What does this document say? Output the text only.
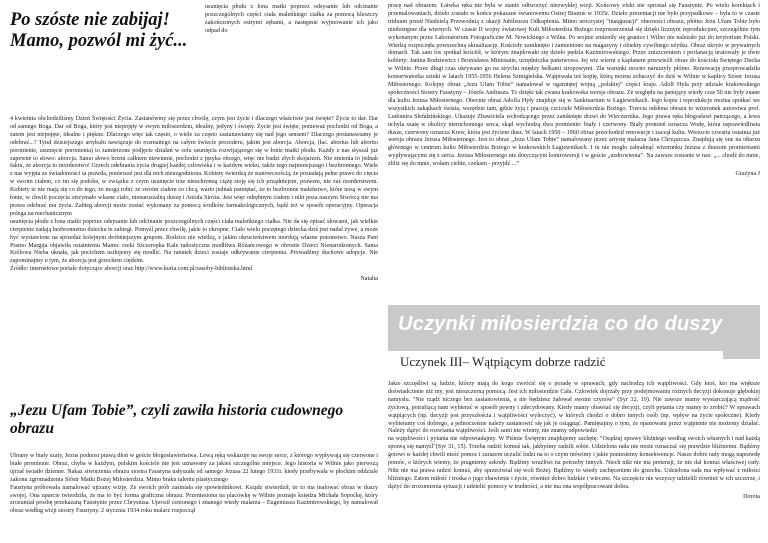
Po szóste nie zabijaj! Mamo, pozwól mi żyć...
usunięcia płodu z łona matki poprzez odsysanie lub odcinanie poszczególnych części ciała maleńkiego ciałka za pomocą kleszczy zakończonych ostrymi zębami, a następnie wyjmowanie ich jako odpad do

4 kwietnia obchodziliśmy Dzień Świętości Życia. Zastanówmy się przez chwilę, czym jest życie i dlaczego właściwie jest święte? Życie to dar. Dar od samego Boga. Dar od Boga, który jest niepojęty w swym miłosierdziu, idealny, jedyny i święty. Życie jest święte, ponieważ pochodzi od Boga, a zatem jest niepojęte, idealne i piękne. Dlaczego więc tak często, o wiele za często zastanawiamy się nad jego sensem? Dlaczego postanawiamy je odebrać...? Tytuł dzisiejszego artykułu nawiązuje do rozmaitego na całym świecie procederu, jakim jest aborcja. Aborcja, (łac. abortus lub abortio poronienie, usunięcie poronienia) to zamierzone podjęcie działań w celu usunięcia rozwijającego się w łonie matki płodu. Każdy z nas słyszał już zapewne to słowo: aborcja. Samo słowo brzmi całkiem niewinnie, pochodzi z języka obcego, więc nie budzi złych skojarzeń. Nie zmienia to jednak faktu, że aborcja to morderstwo! Grzech odebrania życia drugiej każdej człowieka i w każdym wieku, także tego najmniejszego i bezbronnego. Wiele z nas wyjęta ze świadomości ta prawda, ponieważ jest dla nich nieuzgodniona. Kobiety twierdzą że stanowczością, że posiadają pełne prawo do cięcia w swoim ciałem, co im się podoba, w związku z czym usunięcie trze nieuchronną ciążę stoję się ich prządniejem, prawem, nie zaś morderstwem. Kobiety te nie mają się co do tego, że mogą robić ze swoim ciałem co chcą, warto jednak pamiętać, że to bezbronne maleństwo, które nosą w swym łonie, w chwili poczęcia otrzymało własne ciało, nienaruszalną duszę i Anioła Stróża. Jest więc odrębnym ciałem i nikt poza naszym Stwórcą nie ma prawa odebrać mu życia. Zabieg aborcji może zostać wykonany za pomocą środków farmakologicznych, bądź też w sposób operacyjny. Operacja polega na mechanicznym

usunięcia płodu z łona matki poprzez odsysanie lub odcinanie poszczególnych części ciała maleńkiego ciałka. Nie da się opisać słowami, jak wielkie cierpienie zadają bezbronnemu dziecku te zabiegi. Pomyśl przez chwilę, jakie to okropne. Ciało wielu poczętego dziecka dziś jest nadal żywe, a może być wystawione na sprzedaż kolejnym drobniejszym grupom. Rodzice nie wiedzą, z jakim okrucieństwem mordują własne potomstwo. Nasza Pani Pramo Margija objawiła ostatniemu Mamu: rzeki Szczerepka Kale radostyczna modlitwa Różańcowego w obronie Dzieci Nienarodzonych. Sama Królowa Nieba uknała, jak pocichem usiłujemy się modlić. Na ratunek dzieci zostaje odkrywanie cierpienia. Prowadźmy duchowe adopcje. Nie zapominajmy o tym, że aborcja jest grzechem ciężkim.

Źródło: internetowe portale dotyczące aborcji oraz http://www.kuria.com.pl/zasoby-biblioteka.html

Natalia
„Jezu Ufam Tobie”, czyli zawiła historia cudownego obrazu

Ubrany w biały szaty, Jezus podnosi prawą dłoń w geście błogosławieństwa. Lewą ręką wskazuje na swoje serce, z którego wypływają się czerwone i białe promienie. Obraz, chyba w każdym, polskim kościele nie jest uznawany za jakieś szczególne miejsce. Jego historia w Wilnie jako pierwszą ujrzał światło dzienne. Nakaz stworzenia obrazu siostra Faustyna usłyszała od samego Jezusa 22 lutego 1931r. kiedy przebywała w płockim oddziale zakonu zgromadzenia Sióstr Matki Bożej Miłosierdzia. Mimo braku talentu plastycznego

Faustyna próbowała namalować ujrzany wizję. Ze swoich prób zaśmiała się spowiednikowi. Ksiądz stwierdził, że to ma malować obraz w duszy swojej. Ona uparcie twierdziła, że ma to być forma graficzna obrazu. Przeniesiona na placówkę w Wilnie poznaje księdza Michała Sopoćkę, który zrozumiał prośbę przekazaną Faustynie przez Chrystusa. Uprosił cenionego i znanego wtedy malarza – Eugeniusza Kazimirowskiego, by namalował obraz według wizji siostry Faustyny. 2 stycznia 1934 roku malarz rozpoczął

pracę nad obrazem. Łatwka ręka nie była w stanie odtworzyć niezwykłej wizji. Końcowy efekt nie sprostał się Faustynie. Po wielu korektach i przemalowaniach, dzieło zostało w końcu pokazane światowemu Ostrej Bramie w 1935r. Dzieło prezentacji nie było przypadkowe – była to w czasie triduum przed Niedzielą Przewodnią z okazji Jubileuszu Odkupienia. Mimo uroczystej "inauguracji" obecności obrazu, płótno Jezu Ufam Tobie było niedostępne dla wiernych. W czasie II wojny światowej Kult Miłosierdzia Bożego rozprzestrzeniał się dzięki licznym reprodukcjom, szczególnie tym wykonanym przez Laboratorium Fotograficzne M. Nowickiego z Wilna. Po wojnie zmieniły się granice i Wilno nie należało już do terytorium Polski. Wiedzą rozpoczęła powszechną aktualizację. Kościoły zamknięto i zamieniono na magazyny i obiekty cywilnego użytku. Obraz ukryto w prywatnych domach. Tak sam los spotkał kościół, w którym znajdowało się dzieło pędzla Kazimirowskiego. Przez zniszczeniem i profanacją uratowały je dwie kobiety: Janina Rodziewicz i Bronisława Miniotaite, urzędniczka państwowa. Jej wiz wierni z kapłanem przewieźli obraz do kościoła Świętego Ducha w Wilnie. Przez długi czas ukrywano go na strychu między belkami stropowymi. Zła warunki mocno naruszyły płótno. Renowację przeprowadziła konserwatorka sztuki w latach 1955-1956 Helena Szmigielska. Wątpiwała też kopię, którą można zobaczyć do dziś w Wilnie w kaplicy Sióstr Jezusa Miłosiernego. Kolejny obraz „Jezu Ufam Tobie” namalował w ogarniętej wojną „polskiej” części kraju. Adolf Hyła przy udziale krakowskiego społeczności Siostry Faustyny – Józefa Andrasza. To dzięki tak zwana krakowska wersja obrazu. Ze względu na panujący wtedy czas 50 nie były znane dla kultu Jezusa Miłosiernego. Obecnie obraz Adolfa Hyły znajduje się w Sanktuarium w Łagiewnikach. Jego kopie i reprodukcje można spotkać we wszystkich zakątkach świata, wszędzie tam, gdzie żyją i pracują czciciele Miłosierdzia Bożego. Trzecia odsłona obrazu to wizerunek autorstwa prof. Ludomira Sleńdzińskiego. Ukazuje Zbawiciela wchodzącego przez zamknięte drzwi do Wieczernika. Jego prawa ręka błogosławi patrzącego, a lewa uchyla szatę w okolicy nieruchomego serca, skąd wychodzą dwa promienie: biały i czerwony. Biały promień oznacza Wodę, która usprawiedliwia dusze, czerwony oznacza Krew, która jest życiem dusz. W latach 1950 – 1960 obraz przechodził renowacje i zaczął kultu. Wreszcie czwarta ostatnia już wersja obrazu Jezusa Miłosiernego. Jest to obraz „Jezu Ufam Tobie” namalowany przez artystę malarza Jana Chrząszcza. Znajdują się one na ołtarzu głównego w centrum kultu Miłosierdzia Bożego w krakowskich Łagiewnikach. I tu nie mogło zabraknąć wizerunku Jezusa z duszom promieniami wypływającymi się z serca. Jezusa Miłosiernego nie dotyczącym kontrowersji i w geście „uzdrowienia”. Na zawsze zostanie w nas: „... chodź do mnie, zbliż się do mnie, wołam ciebie, czekam - przyjdź ...”

Grażyna J
Uczynki miłosierdzia co do duszy
Uczynek III– Wątpiącym dobrze radzić

Jakie szczęśliwi są ludzie, którzy mają do kogo zwrócić się o poradę w sprawach, gdy nachodzą ich wątpliwości. Gdy ktoś, kto ma większe doświadczenie niż my, jest nieszczerną pomocą. Jest ich miłosierdzie Cała. Człowiek dojrzały przy podejmowaniu różnych decyzji dokonuje głębokiej namysłu. "Nie rządź niczego bez zastanowienia, a nie będziesz żałował swoim czynów" (Syr 32, 19). Nie zawsze mamy wystarczającą mądrość życiową, potrafiącą nam wybierać w sposób pewny i zdecydowany. Kiedy mamy obawiać się decyzji, czyli pytania czy mamy to zrobić? W sprawach wątpiących (np. decyzji jest przyszłościa i wątpliwości wyleczyć), w których chodzi o dobro innych osób (np. wpływ na życie społeczne). Kiedy wybieramy coś dobrego, a jednocześnie należy zastanowić się jak je osiągnąć. Pamiętajmy o tym, że opanowani przez wątpienie nie możemy działać. Należy dążyć do rozwiania wątpliwości. Jeśli sami nie wiemy, nie znamy odpowiedzi

na wątpliwości i pytania nie odpowiadajmy. W Piśmie Świętym znajdujemy zachętę: "Osądzaj sprawy bliźniego według swoich własnych i nad każdą sprawą się namyśl"(Syr 31, 15). Trzeba radzić komuś tak, jakbyśmy radzili sobie. Udzielona rada nie może oznaczać się prawdzie bliźniemu. Bądźmy gotowi w każdej chwili nieść pomoc i zarazem uczulić ludzi na to o czym mówimy i jakie poniesiemy konsekwencje. Nasze dobre rady mogą naprawdę pomóc, o których wiemy, że pragniemy szkody. Bądźmy wrażliwi na potrzeby innych. Niech nikt nie ma pretensji, że nie dał komuś właściwej rady. Nikt nie ma prawa radzić komuś, aby sprzeciwiał się woli Bożej. Bądźmy to wtedy zachęceniem do grzechu. Udzielona rada ma wpływać z miłości bliźniego. Zatem miłość i troska o jego zbawienie i życie, również dobro ludzkie i wieczne. Na szczęście nie wszyscy udzielili również w ich szczerze, i dążyć do zrozumienia sytuacji i udzielić pomocy w trudności, a nie ma ona współpracowani dobra.

Dorota
